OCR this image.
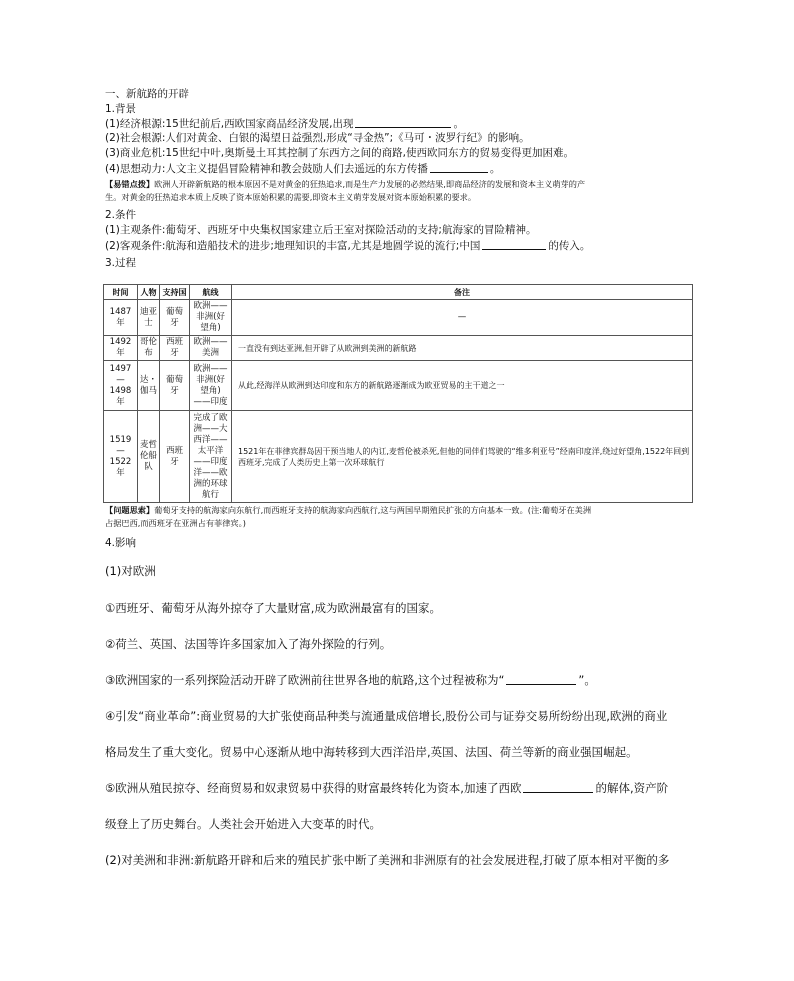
一、新航路的开辟
1.背景
(1)经济根源:15世纪前后,西欧国家商品经济发展,出现	。
(2)社会根源:人们对黄金、白银的渴望日益强烈,形成“寻金热”;《马可・波罗行纪》的影响。
(3)商业危机:15世纪中叶,奥斯曼土耳其控制了东西方之间的商路,使西欧同东方的贸易变得更加困难。
(4)思想动力:人文主义提倡冒险精神和教会鼓励人们去遥远的东方传播	。
【易错点拨】欧洲人开辟新航路的根本原因不是对黄金的狂热追求,而是生产力发展的必然结果,即商品经济的发展和资本主义萌芽的产
生。对黄金的狂热追求本质上反映了资本原始积累的需要,即资本主义萌芽发展对资本原始积累的要求。
2.条件
(1)主观条件:葡萄牙、西班牙中央集权国家建立后王室对探险活动的支持;航海家的冒险精神。
(2)客观条件:航海和造船技术的进步;地理知识的丰富,尤其是地圆学说的流行;中国	的传入。
3.过程
时间	人物	支持国	航线	备注
1487年	迪亚士	葡萄牙	欧洲——非洲(好望角)	—
1492年	哥伦布	西班牙	欧洲——美洲	一直没有到达亚洲,但开辟了从欧洲到美洲的新航路
1497—1498年	达・伽马	葡萄牙	欧洲——非洲(好望角)——印度	从此,经海洋从欧洲到达印度和东方的新航路逐渐成为欧亚贸易的主干道之一
1519—1522年	麦哲伦船队	西班牙	完成了欧洲——大西洋——太平洋——印度洋——欧洲的环球航行	1521年在菲律宾群岛因干预当地人的内讧,麦哲伦被杀死,但他的同伴们驾驶的“维多利亚号”经南印度洋,绕过好望角,1522年回到西班牙,完成了人类历史上第一次环球航行
【问题思索】葡萄牙支持的航海家向东航行,而西班牙支持的航海家向西航行,这与两国早期殖民扩张的方向基本一致。(注:葡萄牙在美洲
占据巴西,而西班牙在亚洲占有菲律宾。)
4.影响
(1)对欧洲
①西班牙、葡萄牙从海外掠夺了大量财富,成为欧洲最富有的国家。
②荷兰、英国、法国等许多国家加入了海外探险的行列。
③欧洲国家的一系列探险活动开辟了欧洲前往世界各地的航路,这个过程被称为“	”。
④引发“商业革命”:商业贸易的大扩张使商品种类与流通量成倍增长,股份公司与证券交易所纷纷出现,欧洲的商业
格局发生了重大变化。贸易中心逐渐从地中海转移到大西洋沿岸,英国、法国、荷兰等新的商业强国崛起。
⑤欧洲从殖民掠夺、经商贸易和奴隶贸易中获得的财富最终转化为资本,加速了西欧	的解体,资产阶
级登上了历史舞台。人类社会开始进入大变革的时代。
(2)对美洲和非洲:新航路开辟和后来的殖民扩张中断了美洲和非洲原有的社会发展进程,打破了原本相对平衡的多
